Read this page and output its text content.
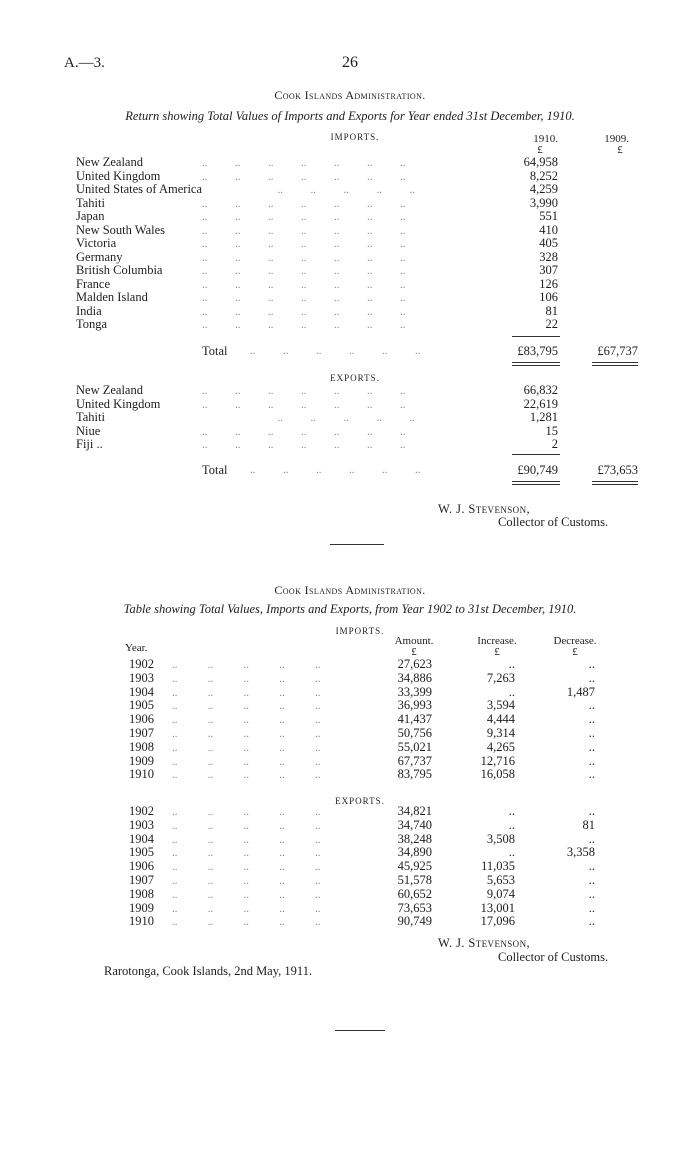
A.—3.	26
Cook Islands Administration.
Return showing Total Values of Imports and Exports for Year ended 31st December, 1910.
IMPORTS.	1910.	1909.
£	£
New Zealand	..          ..          ..          ..          ..          ..          ..	64,958
United Kingdom	..          ..          ..          ..          ..          ..          ..	8,252
United States of America	..          ..          ..          ..          ..	4,259
Tahiti	..          ..          ..          ..          ..          ..          ..	3,990
Japan	..          ..          ..          ..          ..          ..          ..	551
New South Wales	..          ..          ..          ..          ..          ..          ..	410
Victoria	..          ..          ..          ..          ..          ..          ..	405
Germany	..          ..          ..          ..          ..          ..          ..	328
British Columbia	..          ..          ..          ..          ..          ..          ..	307
France	..          ..          ..          ..          ..          ..          ..	126
Malden Island	..          ..          ..          ..          ..          ..          ..	106
India	..          ..          ..          ..          ..          ..          ..	81
Tonga	..          ..          ..          ..          ..          ..          ..	22
Total ..          ..          ..          ..          ..          ..	£83,795	£67,737
EXPORTS.
New Zealand	..          ..          ..          ..          ..          ..          ..	66,832
United Kingdom	..          ..          ..          ..          ..          ..          ..	22,619
Tahiti	..          ..          ..          ..          ..	1,281
Niue	..          ..          ..          ..          ..          ..          ..	15
Fiji ..	..          ..          ..          ..          ..          ..          ..	2
Total ..          ..          ..          ..          ..          ..	£90,749	£73,653
W. J. Stevenson,
Collector of Customs.
Cook Islands Administration.
Table showing Total Values, Imports and Exports, from Year 1902 to 31st December, 1910.
IMPORTS.
Year.
Amount.	Increase.	Decrease.
£	£	£
1902 ..           ..           ..           ..           ..	27,623	..	..
1903 ..           ..           ..           ..           ..	34,886	7,263	..
1904 ..           ..           ..           ..           ..	33,399	..	1,487
1905 ..           ..           ..           ..           ..	36,993	3,594	..
1906 ..           ..           ..           ..           ..	41,437	4,444	..
1907 ..           ..           ..           ..           ..	50,756	9,314	..
1908 ..           ..           ..           ..           ..	55,021	4,265	..
1909 ..           ..           ..           ..           ..	67,737	12,716	..
1910 ..           ..           ..           ..           ..	83,795	16,058	..
EXPORTS.
1902 ..           ..           ..           ..           ..	34,821	..	..
1903 ..           ..           ..           ..           ..	34,740	..	81
1904 ..           ..           ..           ..           ..	38,248	3,508	..
1905 ..           ..           ..           ..           ..	34,890	..	3,358
1906 ..           ..           ..           ..           ..	45,925	11,035	..
1907 ..           ..           ..           ..           ..	51,578	5,653	..
1908 ..           ..           ..           ..           ..	60,652	9,074	..
1909 ..           ..           ..           ..           ..	73,653	13,001	..
1910 ..           ..           ..           ..           ..	90,749	17,096	..
W. J. Stevenson,
Collector of Customs.
Rarotonga, Cook Islands, 2nd May, 1911.
